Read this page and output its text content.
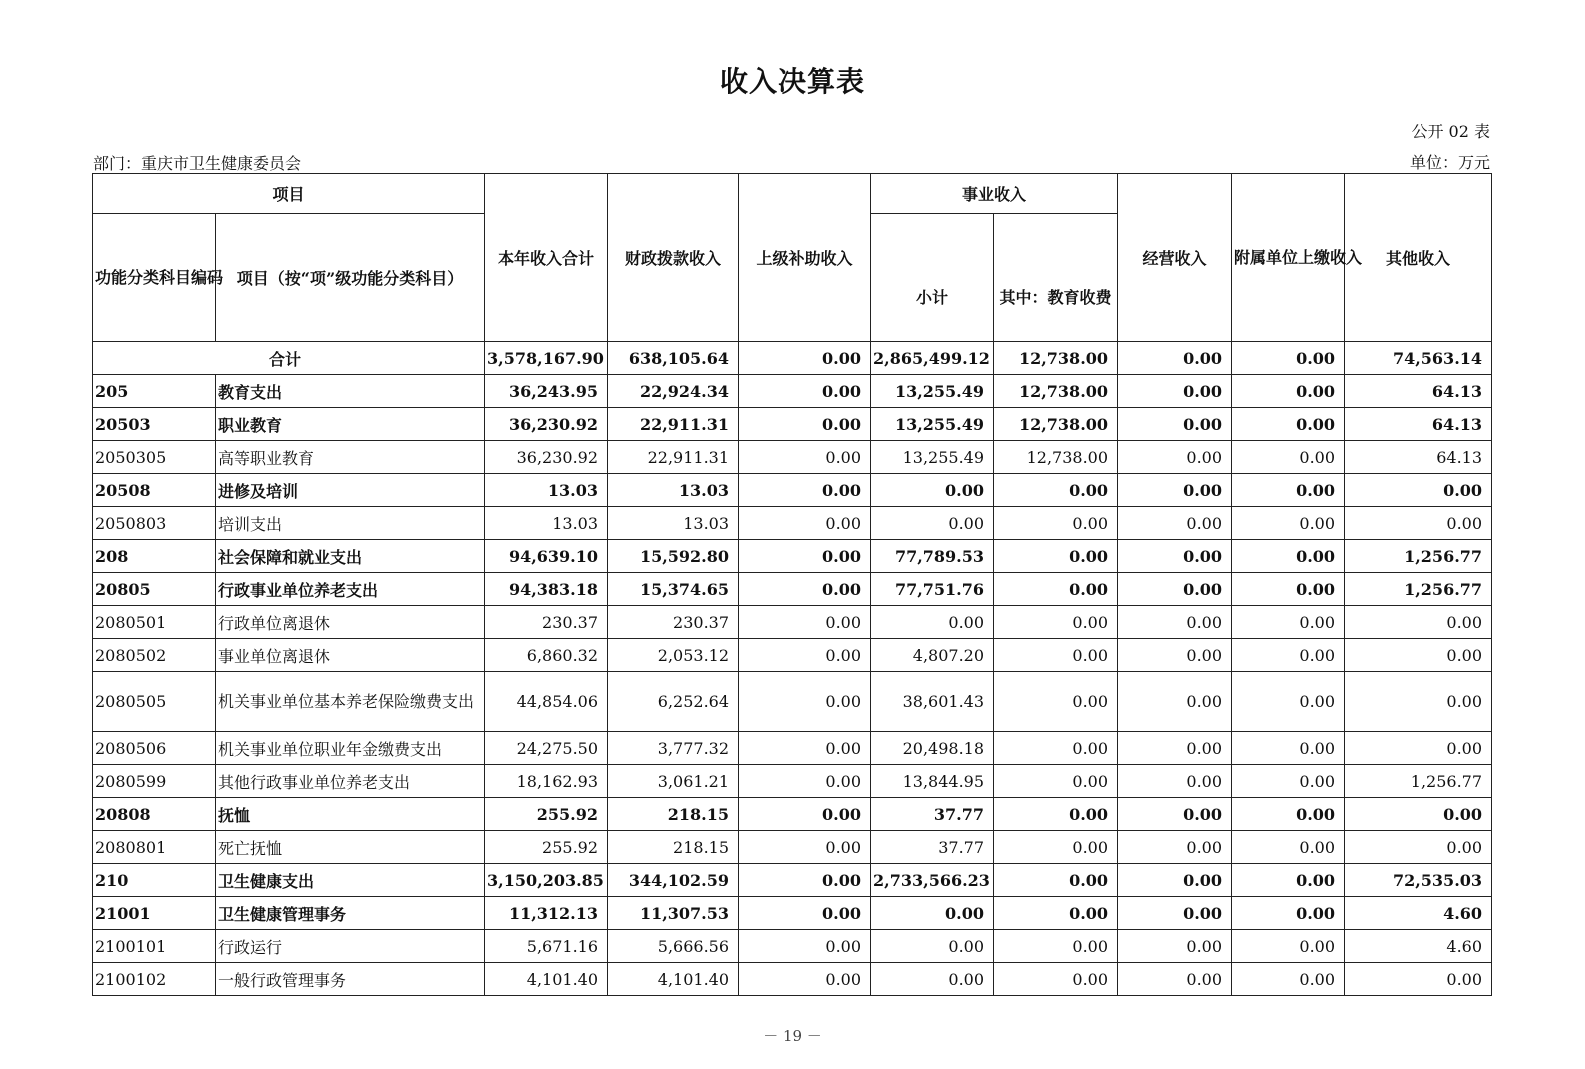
收入决算表
公开 02 表
部门：重庆市卫生健康委员会	单位：万元
项目		本年收入合计	财政拨款收入	上级补助收入	事业收入		经营收入	附属单位上缴收入	其他收入
功能分类科目编码	项目（按“项”级功能分类科目）				小计	其中：教育收费			
合计		3,578,167.90	638,105.64	0.00	2,865,499.12	12,738.00	0.00	0.00	74,563.14
205	教育支出	36,243.95	22,924.34	0.00	13,255.49	12,738.00	0.00	0.00	64.13
20503	职业教育	36,230.92	22,911.31	0.00	13,255.49	12,738.00	0.00	0.00	64.13
2050305	高等职业教育	36,230.92	22,911.31	0.00	13,255.49	12,738.00	0.00	0.00	64.13
20508	进修及培训	13.03	13.03	0.00	0.00	0.00	0.00	0.00	0.00
2050803	培训支出	13.03	13.03	0.00	0.00	0.00	0.00	0.00	0.00
208	社会保障和就业支出	94,639.10	15,592.80	0.00	77,789.53	0.00	0.00	0.00	1,256.77
20805	行政事业单位养老支出	94,383.18	15,374.65	0.00	77,751.76	0.00	0.00	0.00	1,256.77
2080501	行政单位离退休	230.37	230.37	0.00	0.00	0.00	0.00	0.00	0.00
2080502	事业单位离退休	6,860.32	2,053.12	0.00	4,807.20	0.00	0.00	0.00	0.00
2080505	机关事业单位基本养老保险缴费支出	44,854.06	6,252.64	0.00	38,601.43	0.00	0.00	0.00	0.00
2080506	机关事业单位职业年金缴费支出	24,275.50	3,777.32	0.00	20,498.18	0.00	0.00	0.00	0.00
2080599	其他行政事业单位养老支出	18,162.93	3,061.21	0.00	13,844.95	0.00	0.00	0.00	1,256.77
20808	抚恤	255.92	218.15	0.00	37.77	0.00	0.00	0.00	0.00
2080801	死亡抚恤	255.92	218.15	0.00	37.77	0.00	0.00	0.00	0.00
210	卫生健康支出	3,150,203.85	344,102.59	0.00	2,733,566.23	0.00	0.00	0.00	72,535.03
21001	卫生健康管理事务	11,312.13	11,307.53	0.00	0.00	0.00	0.00	0.00	4.60
2100101	行政运行	5,671.16	5,666.56	0.00	0.00	0.00	0.00	0.00	4.60
2100102	一般行政管理事务	4,101.40	4,101.40	0.00	0.00	0.00	0.00	0.00	0.00
－ 19 －
